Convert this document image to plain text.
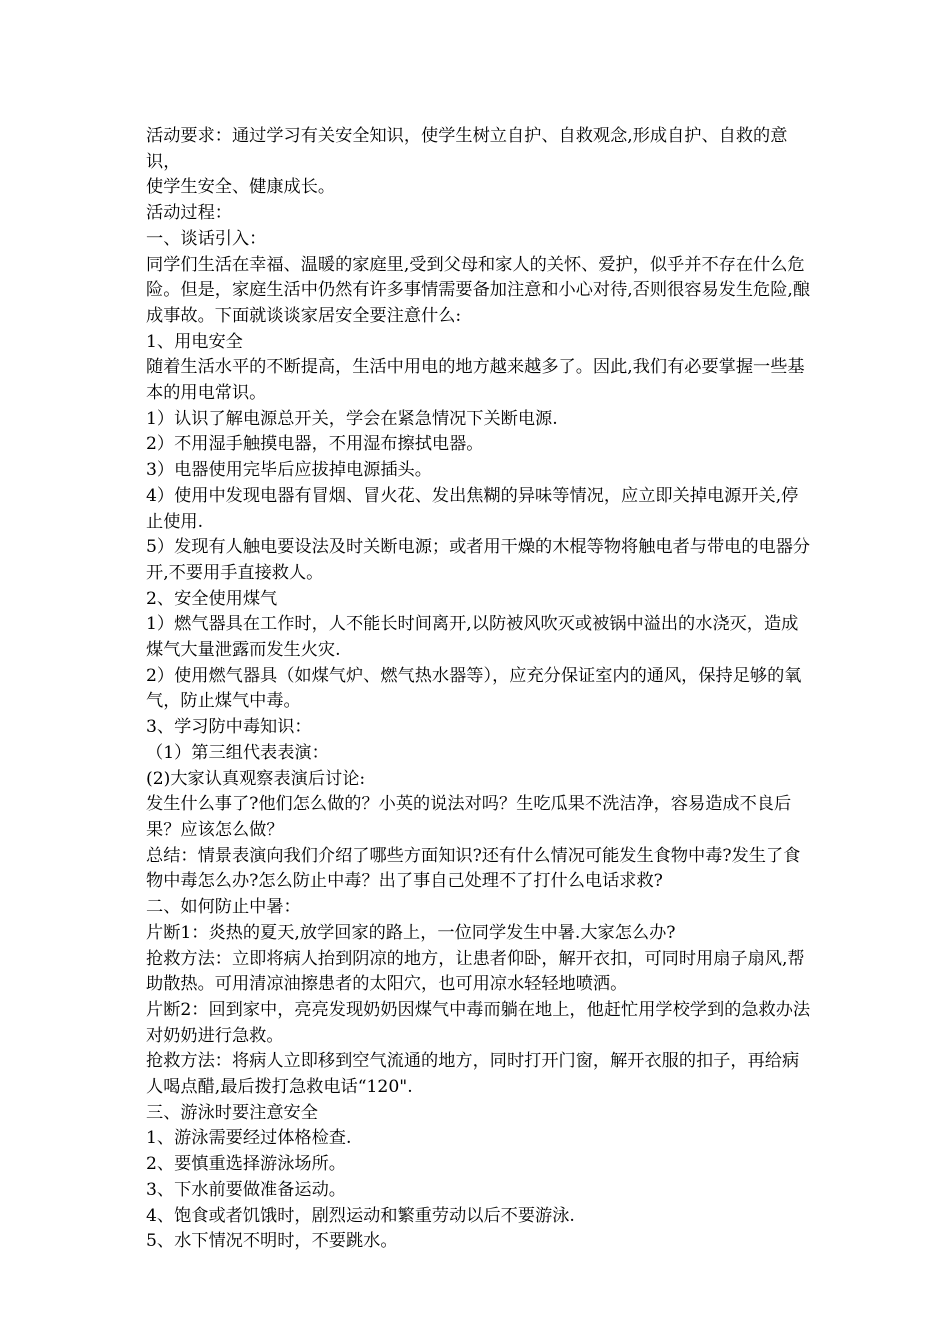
活动要求：通过学习有关安全知识，使学生树立自护、自救观念,形成自护、自救的意识，

使学生安全、健康成长。

活动过程：

一、谈话引入：

同学们生活在幸福、温暖的家庭里,受到父母和家人的关怀、爱护，似乎并不存在什么危险。但是，家庭生活中仍然有许多事情需要备加注意和小心对待,否则很容易发生危险,酿成事故。下面就谈谈家居安全要注意什么:

1、用电安全

随着生活水平的不断提高，生活中用电的地方越来越多了。因此,我们有必要掌握一些基本的用电常识。

1）认识了解电源总开关，学会在紧急情况下关断电源.

2）不用湿手触摸电器，不用湿布擦拭电器。

3）电器使用完毕后应拔掉电源插头。

4）使用中发现电器有冒烟、冒火花、发出焦糊的异味等情况，应立即关掉电源开关,停止使用.

5）发现有人触电要设法及时关断电源；或者用干燥的木棍等物将触电者与带电的电器分开,不要用手直接救人。

2、安全使用煤气

1）燃气器具在工作时，人不能长时间离开,以防被风吹灭或被锅中溢出的水浇灭，造成煤气大量泄露而发生火灾.

2）使用燃气器具（如煤气炉、燃气热水器等），应充分保证室内的通风，保持足够的氧气，防止煤气中毒。

3、学习防中毒知识：

（1）第三组代表表演：

(2)大家认真观察表演后讨论:

发生什么事了?他们怎么做的？小英的说法对吗？生吃瓜果不洗洁净，容易造成不良后果？应该怎么做？

总结：情景表演向我们介绍了哪些方面知识?还有什么情况可能发生食物中毒?发生了食物中毒怎么办?怎么防止中毒？出了事自己处理不了打什么电话求救?

二、如何防止中暑：

片断1：炎热的夏天,放学回家的路上，一位同学发生中暑.大家怎么办?

抢救方法：立即将病人抬到阴凉的地方，让患者仰卧，解开衣扣，可同时用扇子扇风,帮助散热。可用清凉油擦患者的太阳穴，也可用凉水轻轻地喷洒。

片断2：回到家中，亮亮发现奶奶因煤气中毒而躺在地上，他赶忙用学校学到的急救办法对奶奶进行急救。

抢救方法：将病人立即移到空气流通的地方，同时打开门窗，解开衣服的扣子，再给病人喝点醋,最后拨打急救电话“120".

三、游泳时要注意安全

1、游泳需要经过体格检查.

2、要慎重选择游泳场所。

3、下水前要做准备运动。

4、饱食或者饥饿时，剧烈运动和繁重劳动以后不要游泳.

5、水下情况不明时，不要跳水。
